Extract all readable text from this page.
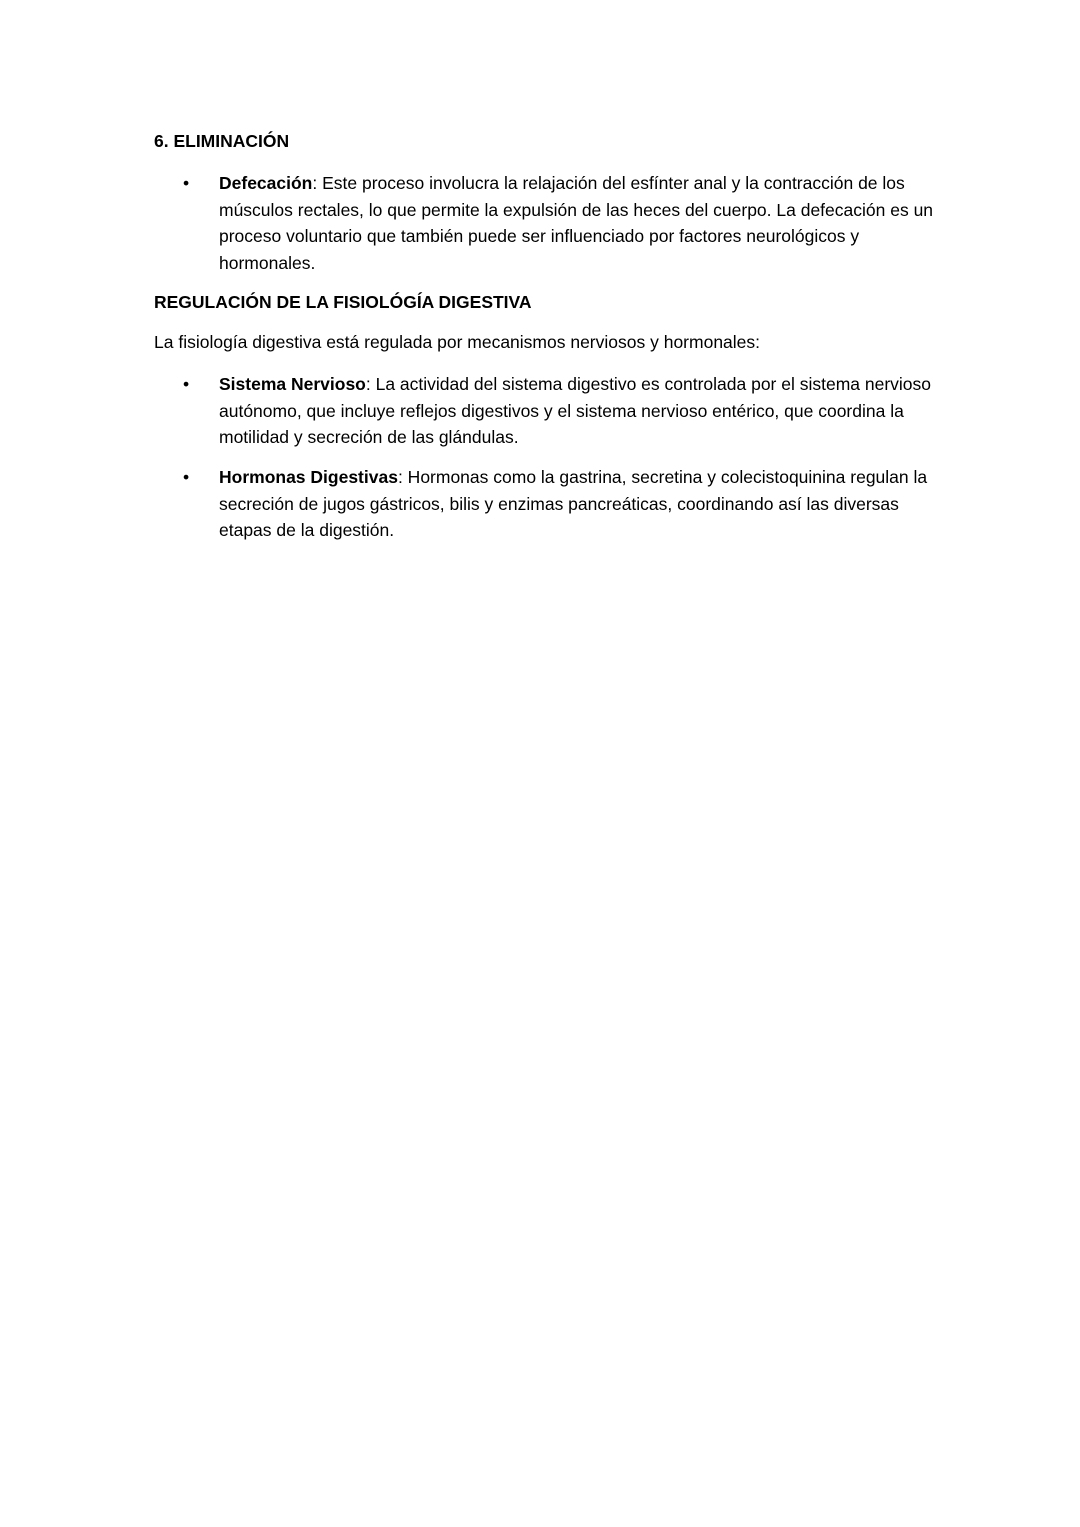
6. ELIMINACIÓN
• Defecación: Este proceso involucra la relajación del esfínter anal y la contracción de los músculos rectales, lo que permite la expulsión de las heces del cuerpo. La defecación es un proceso voluntario que también puede ser influenciado por factores neurológicos y hormonales.
REGULACIÓN DE LA FISIOLÓGÍA DIGESTIVA

La fisiología digestiva está regulada por mecanismos nerviosos y hormonales:

• Sistema Nervioso: La actividad del sistema digestivo es controlada por el sistema nervioso autónomo, que incluye reflejos digestivos y el sistema nervioso entérico, que coordina la motilidad y secreción de las glándulas.
• Hormonas Digestivas: Hormonas como la gastrina, secretina y colecistoquinina regulan la secreción de jugos gástricos, bilis y enzimas pancreáticas, coordinando así las diversas etapas de la digestión.
